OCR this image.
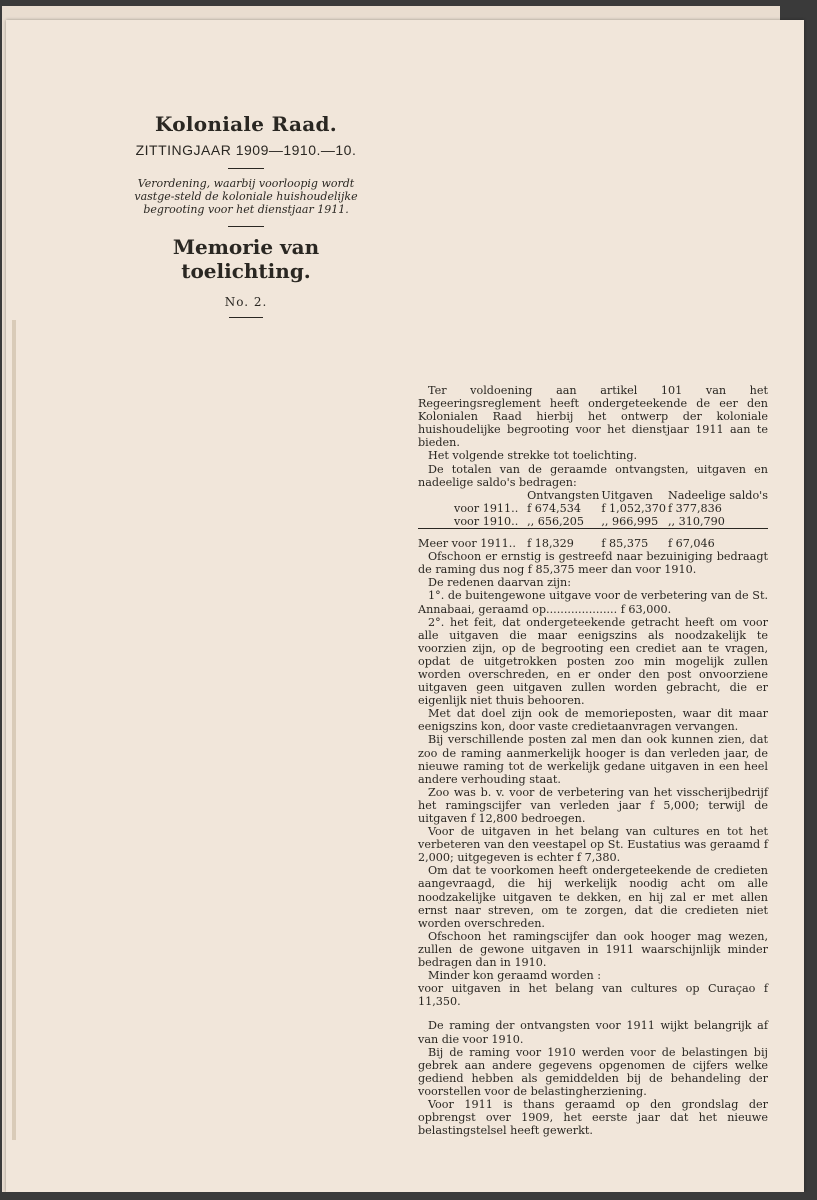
Koloniale Raad.
ZITTINGJAAR 1909—1910.—10.
Verordening, waarbij voorloopig wordt vastge-steld de koloniale huishoudelijke begrooting voor het dienstjaar 1911.
Memorie van toelichting.
No. 2.

Ter voldoening aan artikel 101 van het Regeeringsreglement heeft ondergeteekende de eer den Kolonialen Raad hierbij het ontwerp der koloniale huishoudelijke begrooting voor het dienstjaar 1911 aan te bieden.

Het volgende strekke tot toelichting.

De totalen van de geraamde ontvangsten, uitgaven en nadeelige saldo's bedragen:

	Ontvangsten	Uitgaven	Nadeelige saldo's
voor 1911..	f 674,534	f 1,052,370	f 377,836
voor 1910..	,, 656,205	,, 966,995	,, 310,790
Meer voor 1911..	f 18,329	f 85,375	f 67,046

Ofschoon er ernstig is gestreefd naar bezuiniging bedraagt de raming dus nog f 85,375 meer dan voor 1910.

De redenen daarvan zijn:

1°. de buitengewone uitgave voor de verbetering van de St. Annabaai, geraamd op.................... f 63,000.

2°. het feit, dat ondergeteekende getracht heeft om voor alle uitgaven die maar eenigszins als noodzakelijk te voorzien zijn, op de begrooting een crediet aan te vragen, opdat de uitgetrokken posten zoo min mogelijk zullen worden overschreden, en er onder den post onvoorziene uitgaven geen uitgaven zullen worden gebracht, die er eigenlijk niet thuis behooren.

Met dat doel zijn ook de memorieposten, waar dit maar eenigszins kon, door vaste credietaanvragen vervangen.

Bij verschillende posten zal men dan ook kunnen zien, dat zoo de raming aanmerkelijk hooger is dan verleden jaar, de nieuwe raming tot de werkelijk gedane uitgaven in een heel andere verhouding staat.

Zoo was b. v. voor de verbetering van het visscherijbedrijf het ramingscijfer van verleden jaar f 5,000; terwijl de uitgaven f 12,800 bedroegen.

Voor de uitgaven in het belang van cultures en tot het verbeteren van den veestapel op St. Eustatius was geraamd f 2,000; uitgegeven is echter f 7,380.

Om dat te voorkomen heeft ondergeteekende de credieten aangevraagd, die hij werkelijk noodig acht om alle noodzakelijke uitgaven te dekken, en hij zal er met allen ernst naar streven, om te zorgen, dat die credieten niet worden overschreden.

Ofschoon het ramingscijfer dan ook hooger mag wezen, zullen de gewone uitgaven in 1911 waarschijnlijk minder bedragen dan in 1910.

Minder kon geraamd worden :

voor uitgaven in het belang van cultures op Curaçao f 11,350.

De raming der ontvangsten voor 1911 wijkt belangrijk af van die voor 1910.

Bij de raming voor 1910 werden voor de belastingen bij gebrek aan andere gegevens opgenomen de cijfers welke gediend hebben als gemiddelden bij de behandeling der voorstellen voor de belastingherziening.

Voor 1911 is thans geraamd op den grondslag der opbrengst over 1909, het eerste jaar dat het nieuwe belastingstelsel heeft gewerkt.
